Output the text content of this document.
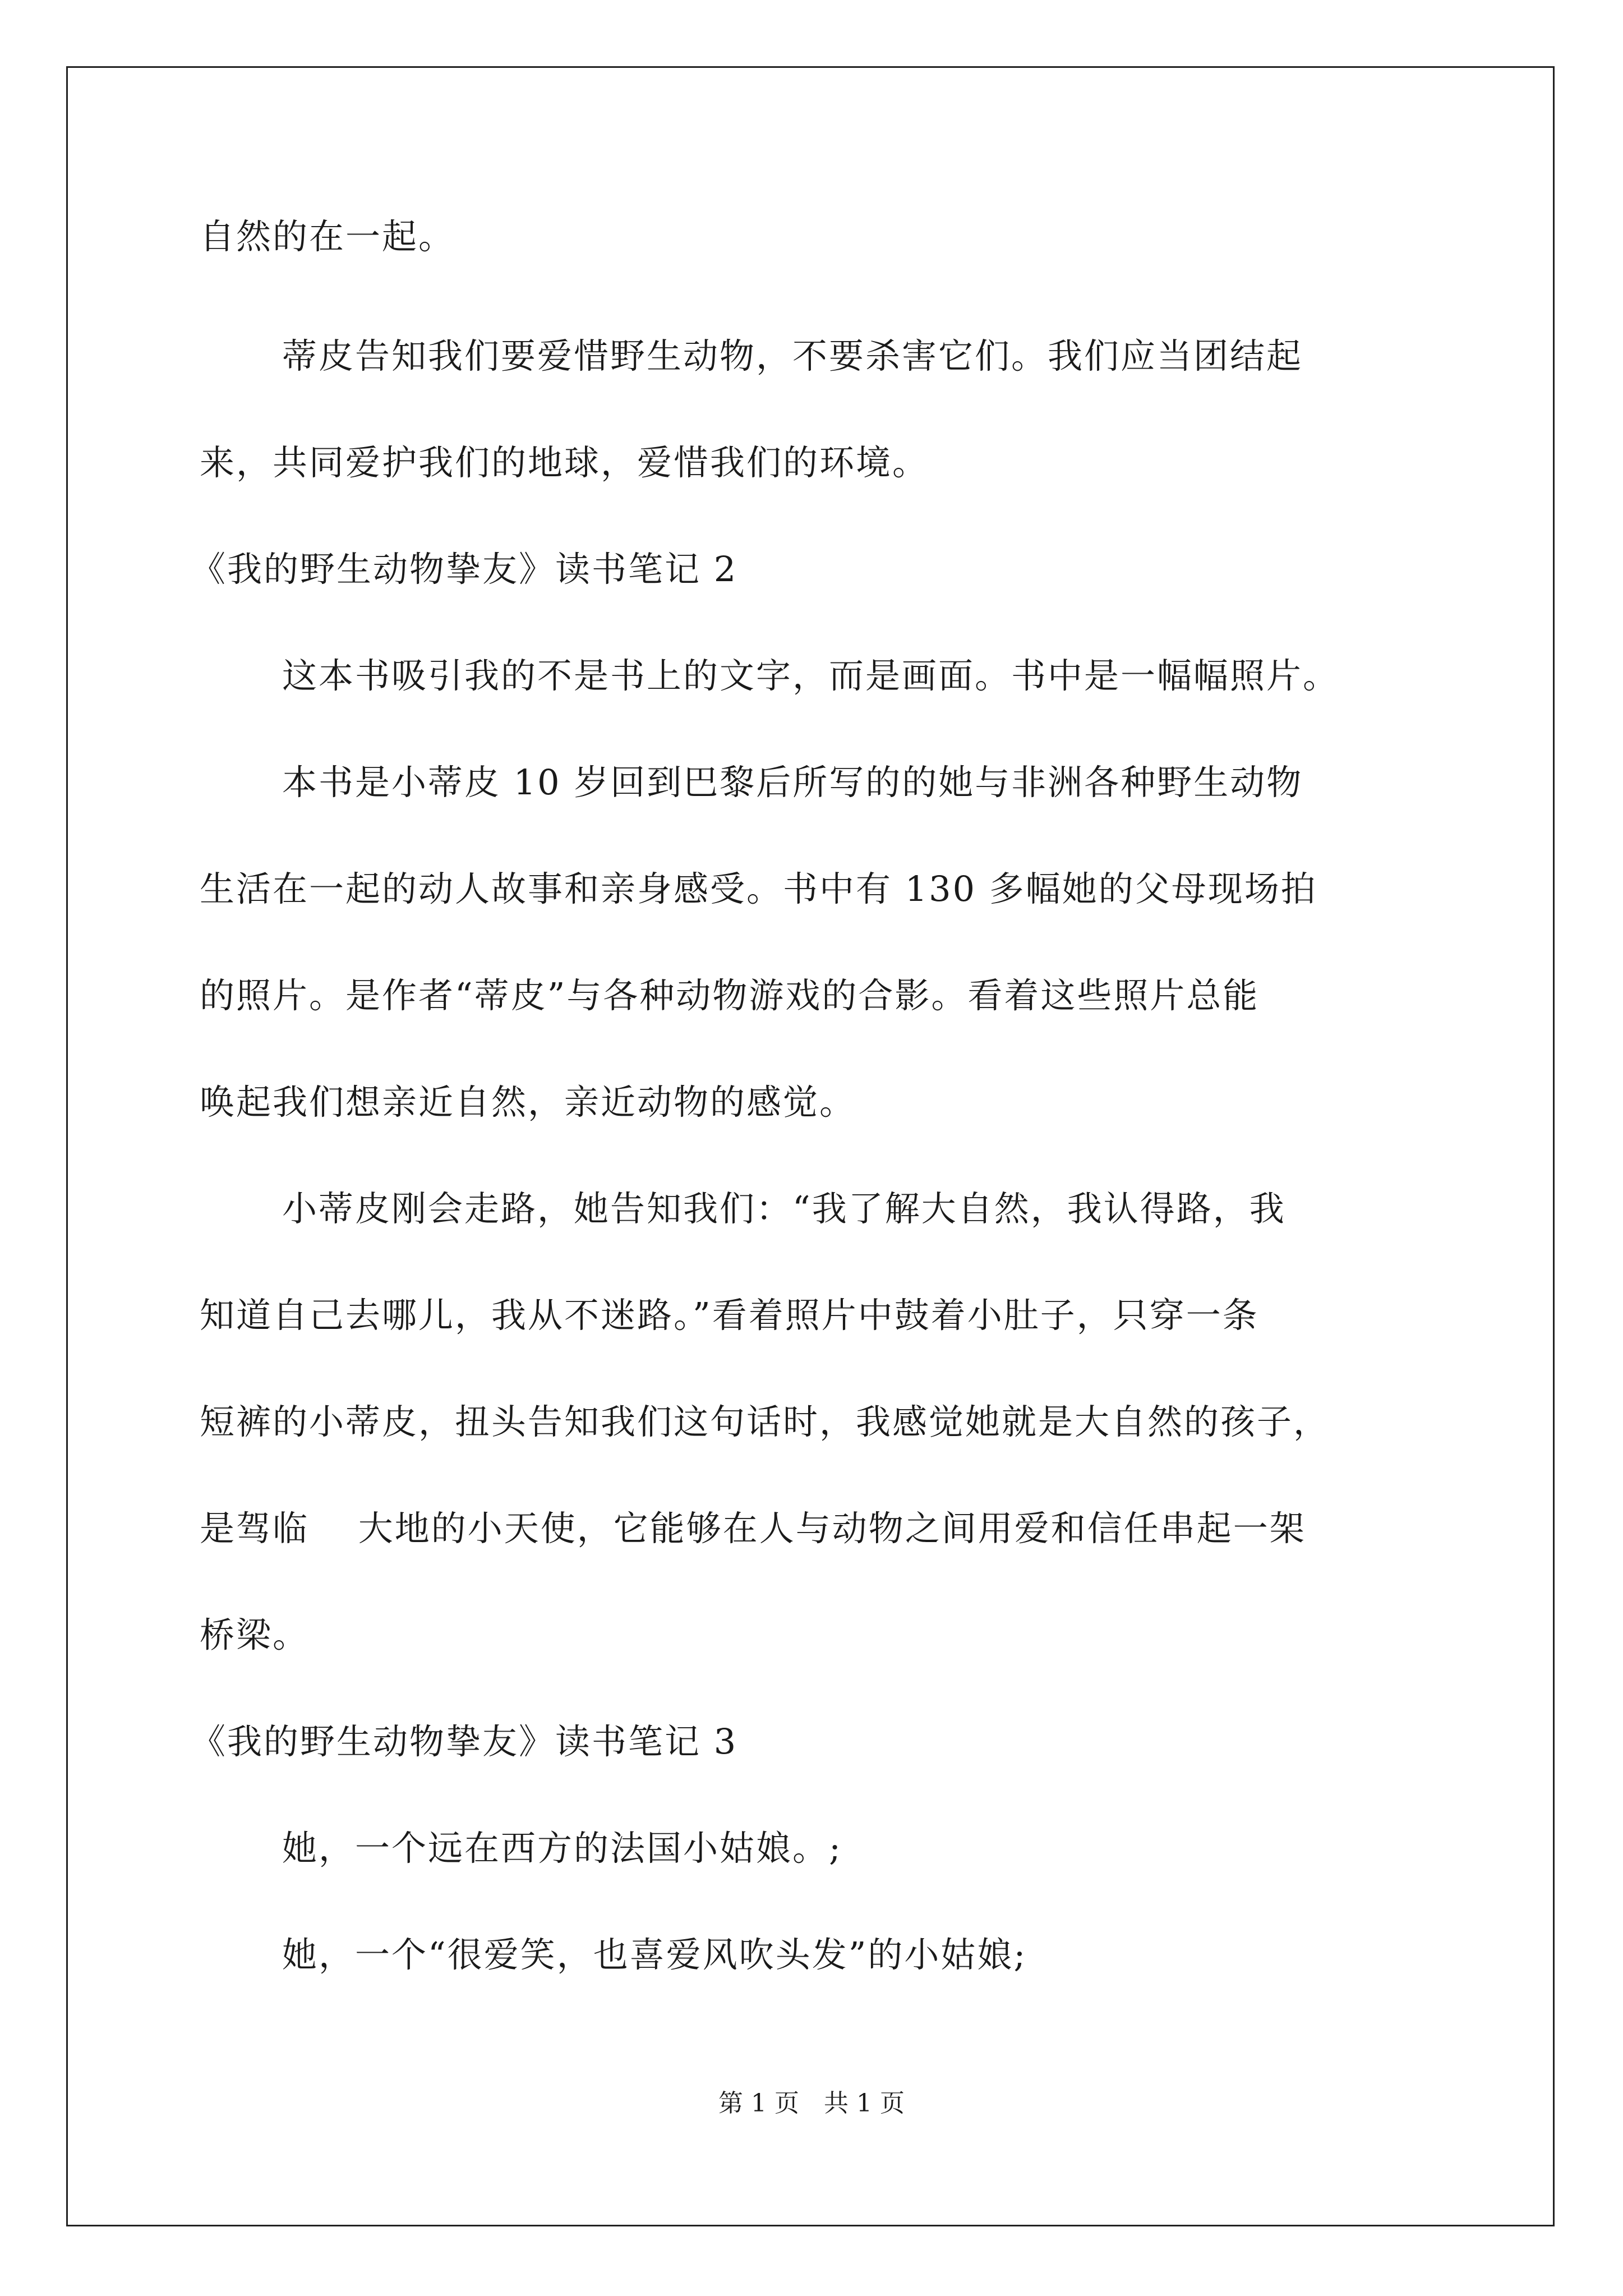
自然的在一起。
蒂皮告知我们要爱惜野生动物，不要杀害它们。我们应当团结起
来，共同爱护我们的地球，爱惜我们的环境。
《我的野生动物挚友》读书笔记 2
这本书吸引我的不是书上的文字，而是画面。书中是一幅幅照片。
本书是小蒂皮 10 岁回到巴黎后所写的的她与非洲各种野生动物
生活在一起的动人故事和亲身感受。书中有 130 多幅她的父母现场拍
的照片。是作者“蒂皮”与各种动物游戏的合影。看着这些照片总能
唤起我们想亲近自然，亲近动物的感觉。
小蒂皮刚会走路，她告知我们：“我了解大自然，我认得路，我
知道自己去哪儿，我从不迷路。”看着照片中鼓着小肚子，只穿一条
短裤的小蒂皮，扭头告知我们这句话时，我感觉她就是大自然的孩子，
是驾临　 大地的小天使，它能够在人与动物之间用爱和信任串起一架
桥梁。
《我的野生动物挚友》读书笔记 3
她，一个远在西方的法国小姑娘。;
她，一个“很爱笑，也喜爱风吹头发”的小姑娘;
第 1 页　共 1 页
